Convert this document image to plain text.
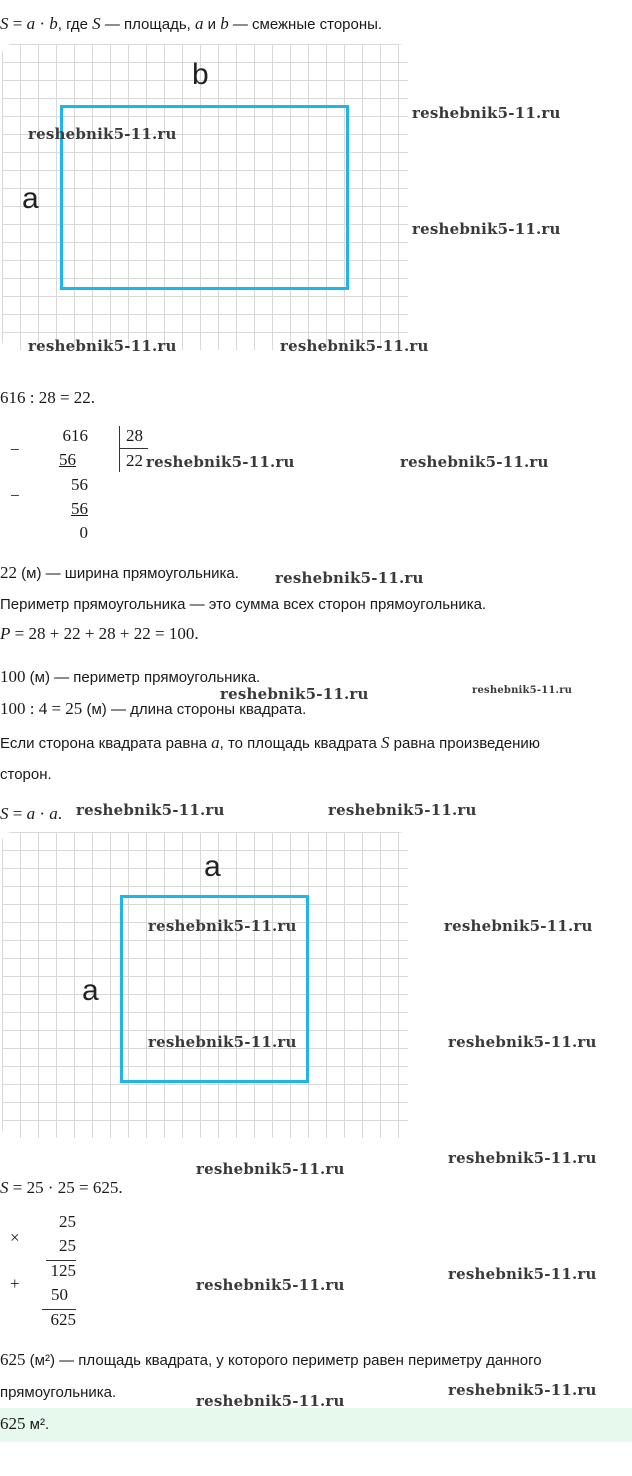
S = a · b, где S — площадь, a и b — смежные стороны.
b
a
616 : 28 = 22.
−
616
56
28
22
−
56
56
0
22 (м) — ширина прямоугольника.
Периметр прямоугольника — это сумма всех сторон прямоугольника.
P = 28 + 22 + 28 + 22 = 100.
100 (м) — периметр прямоугольника.
100 : 4 = 25 (м) — длина стороны квадрата.
Если сторона квадрата равна a, то площадь квадрата S равна произведению
сторон.
S = a · a.
a
a
S = 25 · 25 = 625.
×
25
25
+
125
50
625
625 (м²) — площадь квадрата, у которого периметр равен периметру данного
прямоугольника.
625 м².
reshebnik5-11.ru
reshebnik5-11.ru
reshebnik5-11.ru
reshebnik5-11.ru	reshebnik5-11.ru
reshebnik5-11.ru	reshebnik5-11.ru
reshebnik5-11.ru
reshebnik5-11.ru	reshebnik5-11.ru
reshebnik5-11.ru	reshebnik5-11.ru
reshebnik5-11.ru	reshebnik5-11.ru
reshebnik5-11.ru	reshebnik5-11.ru
reshebnik5-11.ru
reshebnik5-11.ru
reshebnik5-11.ru
reshebnik5-11.ru
reshebnik5-11.ru
reshebnik5-11.ru
